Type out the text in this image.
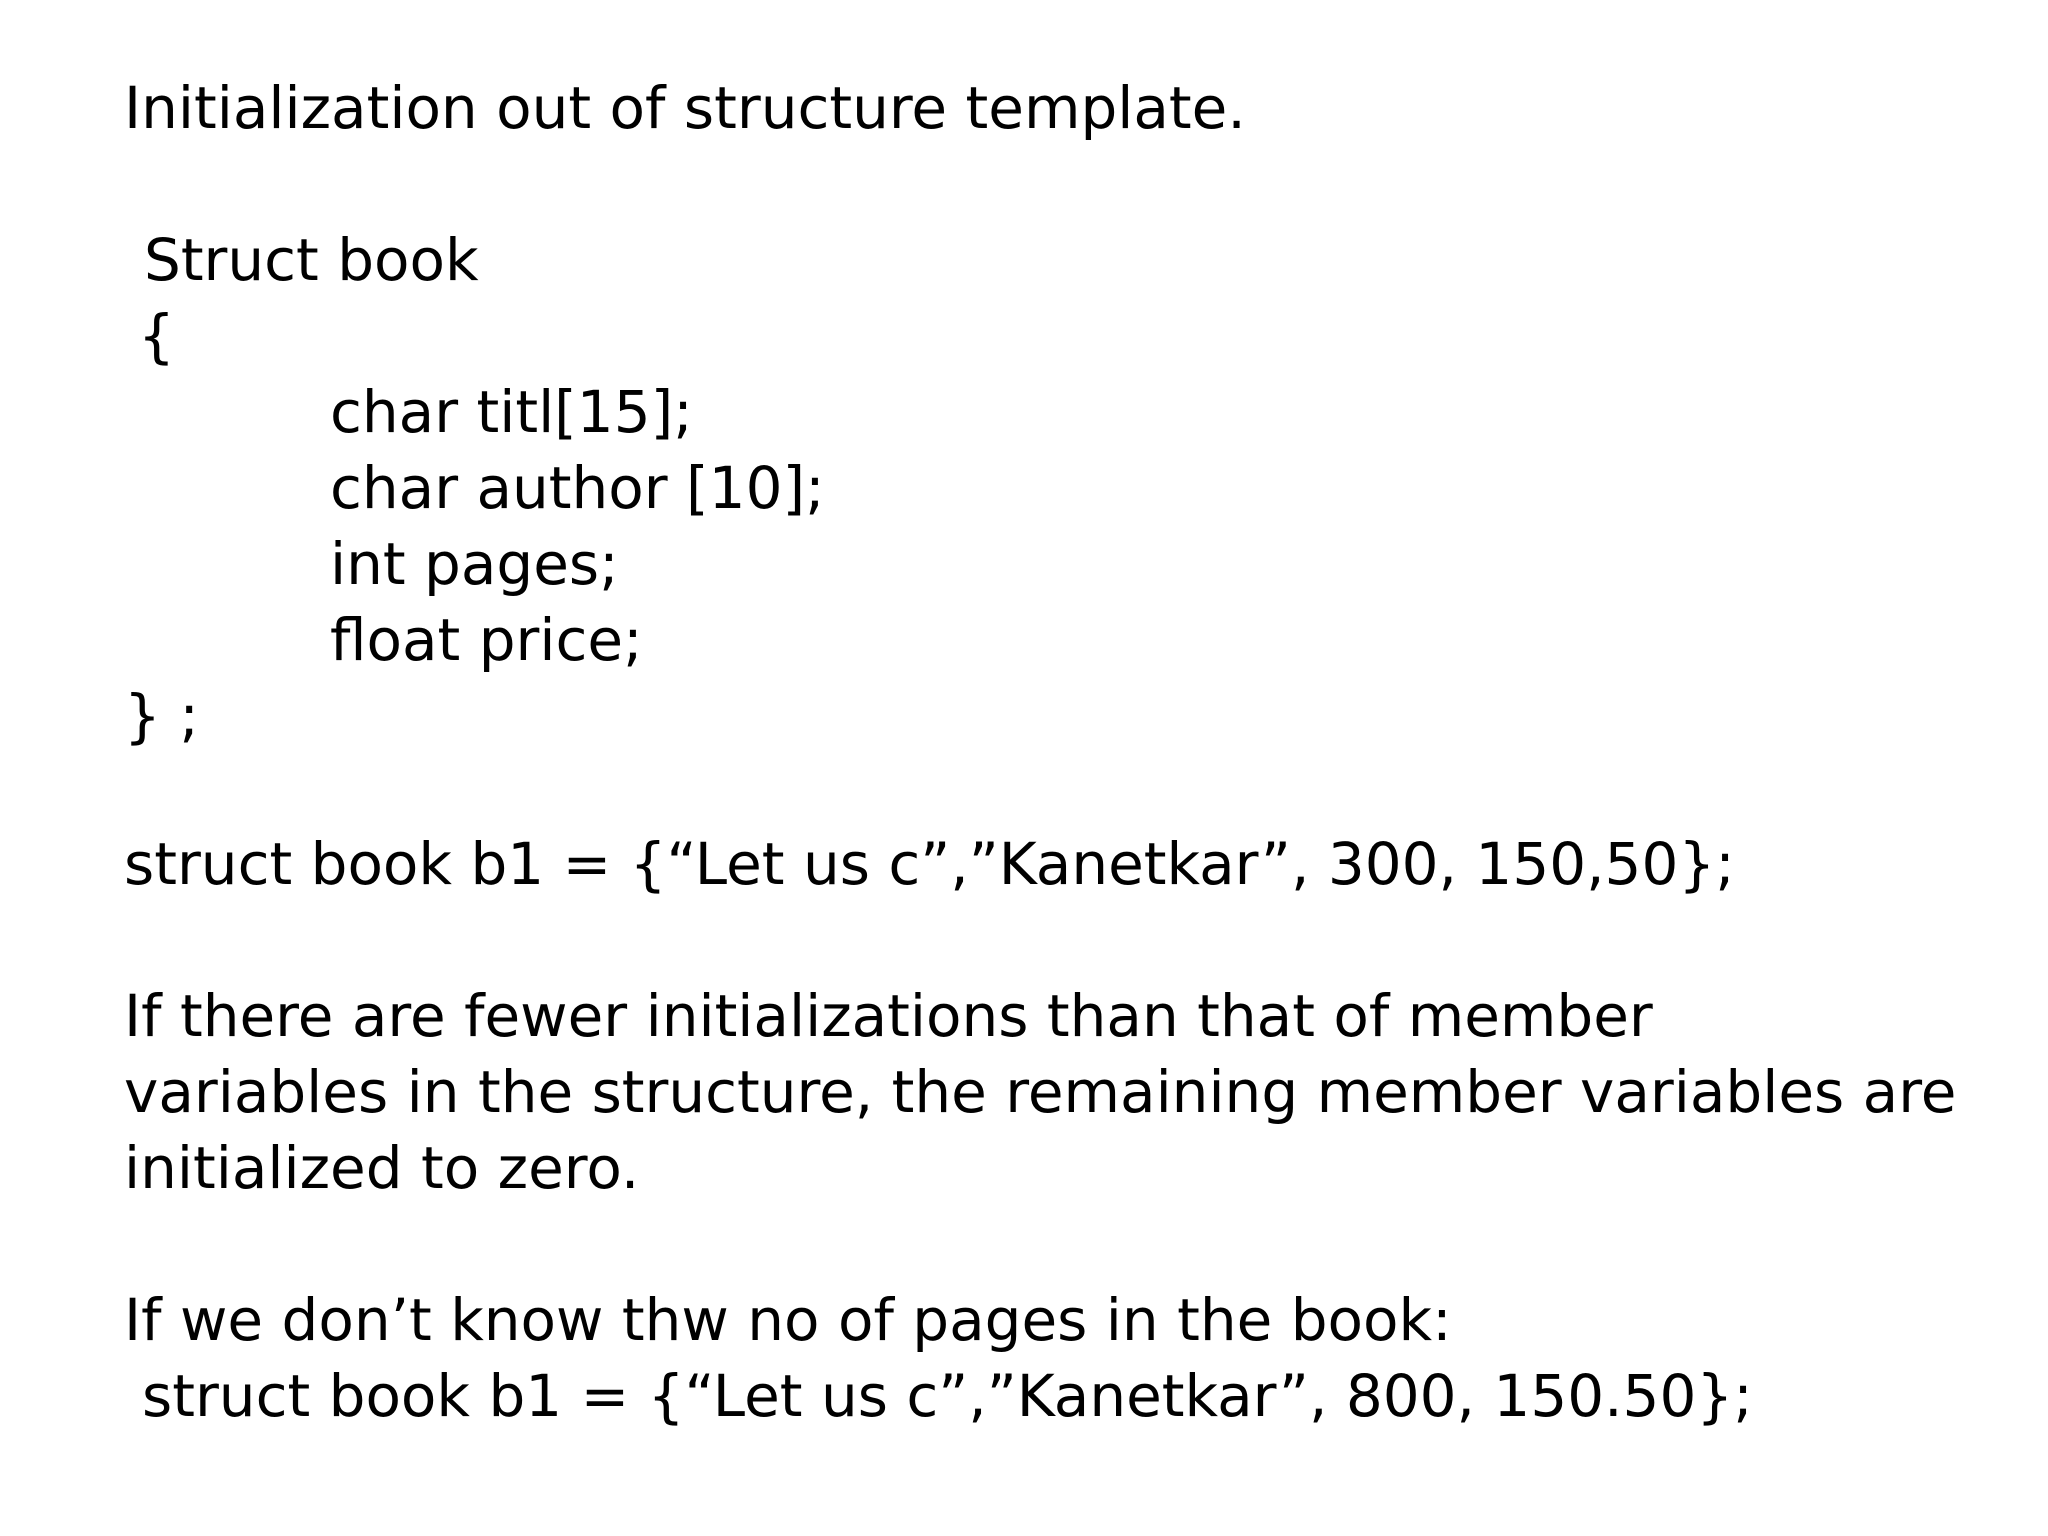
Initialization out of structure template.
Struct book
{
char titl[15];
char author [10];
int pages;
float price;
} ;
struct book b1 = {“Let us c”,”Kanetkar”, 300, 150,50};
If there are fewer initializations than that of member
variables in the structure, the remaining member variables are
initialized to zero.
If we don’t know thw no of pages in the book:
struct book b1 = {“Let us c”,”Kanetkar”, 800, 150.50};
